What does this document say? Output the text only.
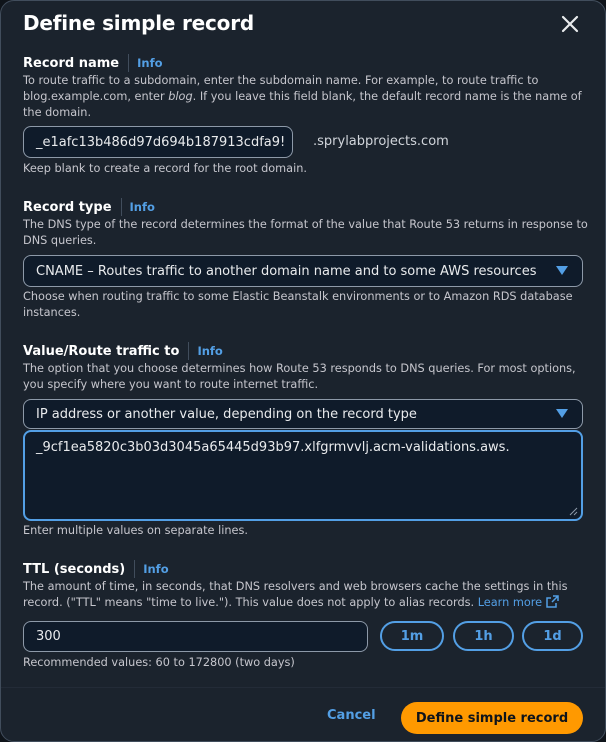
Define simple record
Record name Info
To route traffic to a subdomain, enter the subdomain name. For example, to route traffic to blog.example.com, enter blog. If you leave this field blank, the default record name is the name of the domain.
_e1afc13b486d97d694b187913cdfa9!	.sprylabprojects.com
Keep blank to create a record for the root domain.
Record type Info
The DNS type of the record determines the format of the value that Route 53 returns in response to DNS queries.
CNAME – Routes traffic to another domain name and to some AWS resources
Choose when routing traffic to some Elastic Beanstalk environments or to Amazon RDS database instances.
Value/Route traffic to Info
The option that you choose determines how Route 53 responds to DNS queries. For most options, you specify where you want to route internet traffic.
IP address or another value, depending on the record type
_9cf1ea5820c3b03d3045a65445d93b97.xlfgrmvvlj.acm-validations.aws.
Enter multiple values on separate lines.
TTL (seconds) Info
The amount of time, in seconds, that DNS resolvers and web browsers cache the settings in this record. ("TTL" means "time to live."). This value does not apply to alias records. Learn more
300	1m	1h	1d
Recommended values: 60 to 172800 (two days)
Cancel	Define simple record
